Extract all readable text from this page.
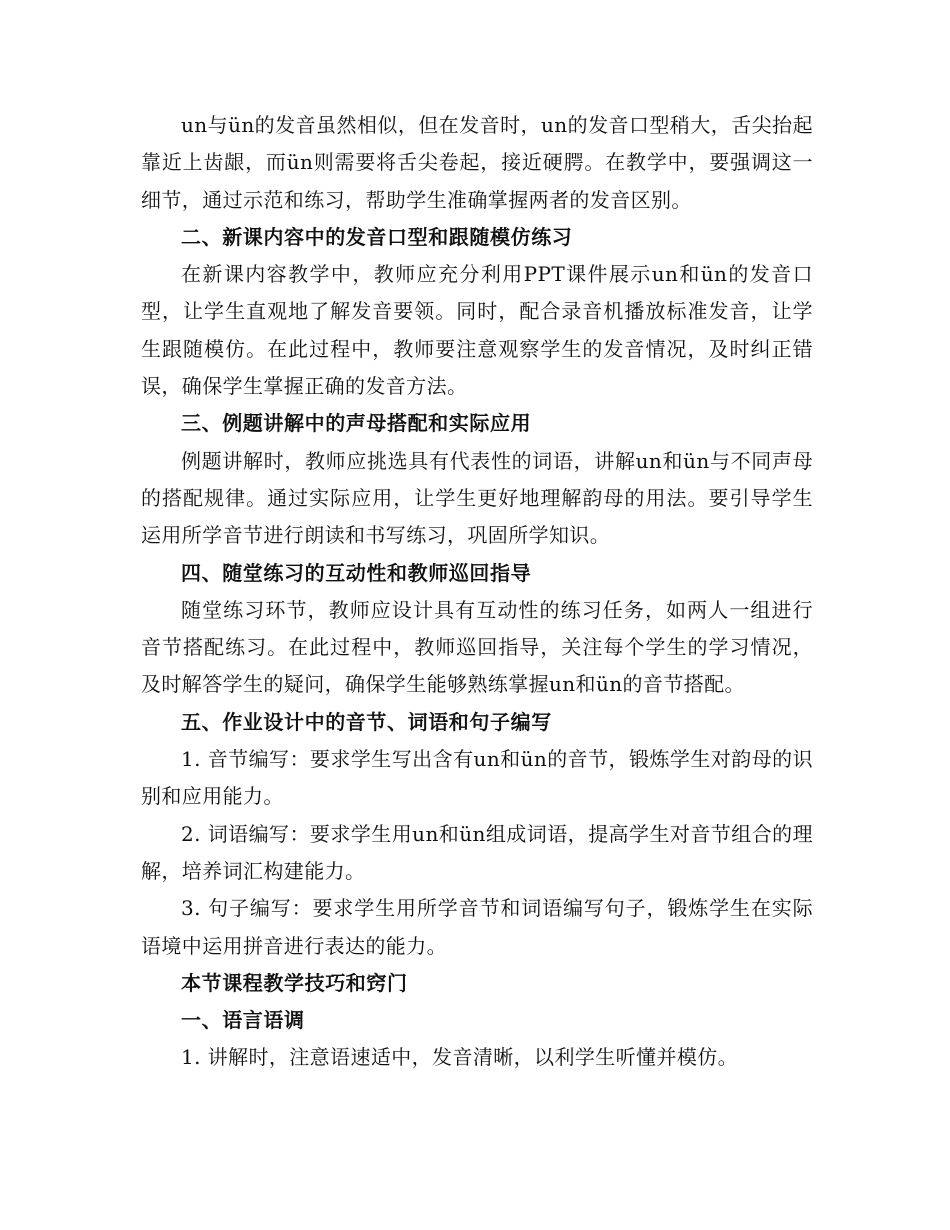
un与ün的发音虽然相似，但在发音时，un的发音口型稍大，舌尖抬起靠近上齿龈，而ün则需要将舌尖卷起，接近硬腭。在教学中，要强调这一细节，通过示范和练习，帮助学生准确掌握两者的发音区别。

二、新课内容中的发音口型和跟随模仿练习

在新课内容教学中，教师应充分利用PPT课件展示un和ün的发音口型，让学生直观地了解发音要领。同时，配合录音机播放标准发音，让学生跟随模仿。在此过程中，教师要注意观察学生的发音情况，及时纠正错误，确保学生掌握正确的发音方法。

三、例题讲解中的声母搭配和实际应用

例题讲解时，教师应挑选具有代表性的词语，讲解un和ün与不同声母的搭配规律。通过实际应用，让学生更好地理解韵母的用法。要引导学生运用所学音节进行朗读和书写练习，巩固所学知识。

四、随堂练习的互动性和教师巡回指导

随堂练习环节，教师应设计具有互动性的练习任务，如两人一组进行音节搭配练习。在此过程中，教师巡回指导，关注每个学生的学习情况，及时解答学生的疑问，确保学生能够熟练掌握un和ün的音节搭配。

五、作业设计中的音节、词语和句子编写

1. 音节编写：要求学生写出含有un和ün的音节，锻炼学生对韵母的识别和应用能力。

2. 词语编写：要求学生用un和ün组成词语，提高学生对音节组合的理解，培养词汇构建能力。

3. 句子编写：要求学生用所学音节和词语编写句子，锻炼学生在实际语境中运用拼音进行表达的能力。

本节课程教学技巧和窍门

一、语言语调

1. 讲解时，注意语速适中，发音清晰，以利学生听懂并模仿。
